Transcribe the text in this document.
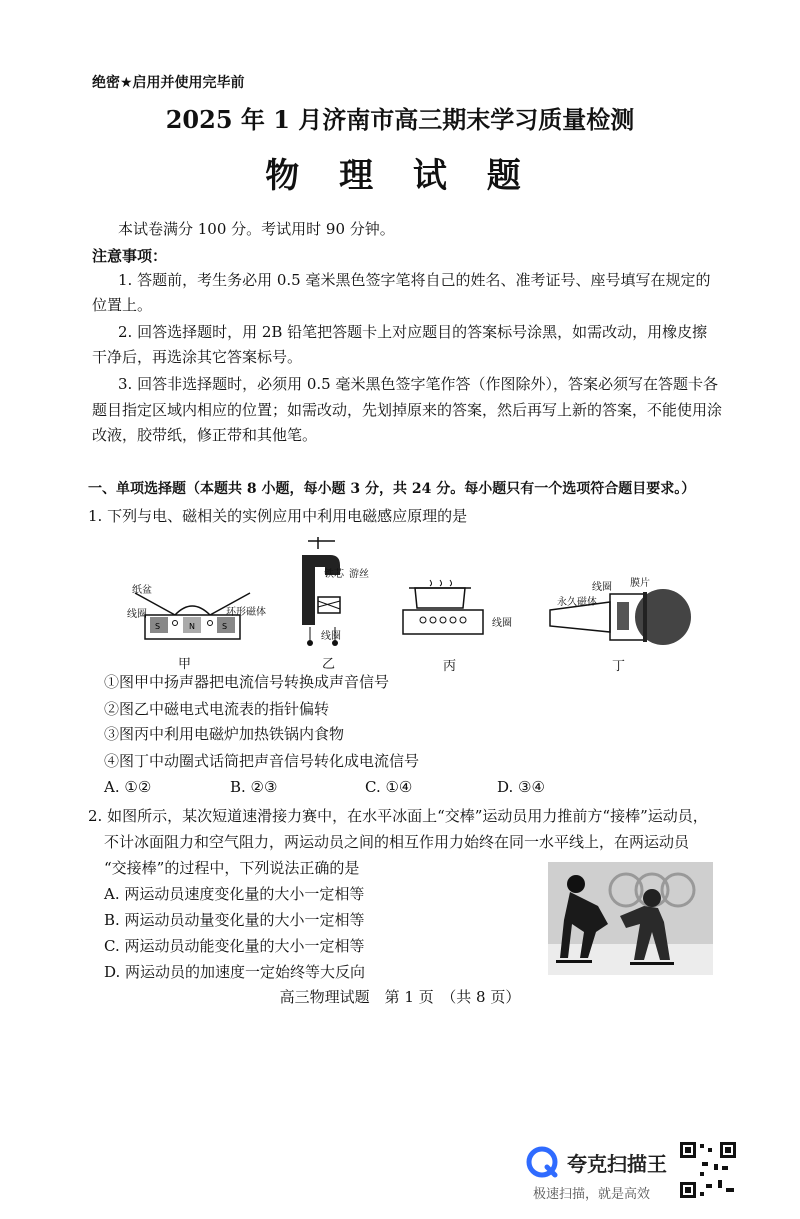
绝密★启用并使用完毕前
2025 年 1 月济南市高三期末学习质量检测
物 理 试 题
本试卷满分 100 分。考试用时 90 分钟。
注意事项：
1. 答题前，考生务必用 0.5 毫米黑色签字笔将自己的姓名、准考证号、座号填写在规定的
位置上。
2. 回答选择题时，用 2B 铅笔把答题卡上对应题目的答案标号涂黑，如需改动，用橡皮擦
干净后，再选涂其它答案标号。
3. 回答非选择题时，必须用 0.5 毫米黑色签字笔作答（作图除外），答案必须写在答题卡各
题目指定区域内相应的位置；如需改动，先划掉原来的答案，然后再写上新的答案，不能使用涂
改液，胶带纸，修正带和其他笔。
一、单项选择题（本题共 8 小题，每小题 3 分，共 24 分。每小题只有一个选项符合题目要求。）
1. 下列与电、磁相关的实例应用中利用电磁感应原理的是
S	N	S
纸盆
线圈	环形磁体
甲
铁芯 游丝
线圈
乙
线圈
丙
线圈 膜片
永久磁体
丁
①图甲中扬声器把电流信号转换成声音信号
②图乙中磁电式电流表的指针偏转
③图丙中利用电磁炉加热铁锅内食物
④图丁中动圈式话筒把声音信号转化成电流信号
A. ①②	B. ②③	C. ①④	D. ③④
2. 如图所示，某次短道速滑接力赛中，在水平冰面上“交棒”运动员用力推前方“接棒”运动员，
不计冰面阻力和空气阻力，两运动员之间的相互作用力始终在同一水平线上，在两运动员
“交接棒”的过程中，下列说法正确的是
A. 两运动员速度变化量的大小一定相等
B. 两运动员动量变化量的大小一定相等
C. 两运动员动能变化量的大小一定相等
D. 两运动员的加速度一定始终等大反向
高三物理试题　第 1 页　（共 8 页）
夸克扫描王
极速扫描，就是高效
